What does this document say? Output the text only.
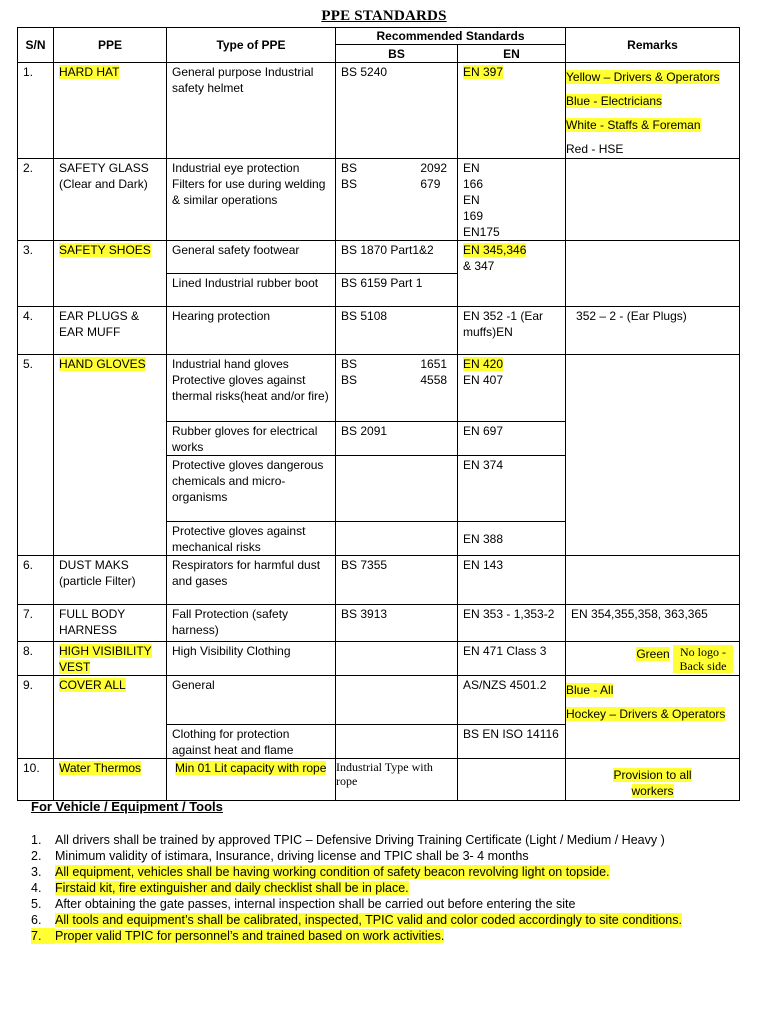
PPE STANDARDS
S/N	PPE	Type of PPE	Recommended Standards		Remarks
			BS	EN	
1.	HARD HAT	General purpose Industrial safety helmet	BS 5240	EN 397	Yellow – Drivers & Operators
Blue - Electricians
White - Staffs & Foreman
Red - HSE

2.	SAFETY GLASS (Clear and Dark)	Industrial eye protection Filters for use during welding & similar operations	BS 2092 BS 679	EN 166 EN 169 EN175	
3.	SAFETY SHOES	General safety footwear	BS 1870 Part1&2	EN 345,346
& 347	
		Lined Industrial rubber boot	BS 6159 Part 1		
4.	EAR PLUGS & EAR MUFF	Hearing protection	BS 5108	EN 352 -1 (Ear muffs)EN	352 – 2 - (Ear Plugs)
5.	HAND GLOVES	Industrial hand gloves Protective gloves against thermal risks(heat and/or fire)	BS 1651 BS 4558	EN 420
EN 407	
		Rubber gloves for electrical works	BS 2091	EN 697	
		Protective gloves dangerous chemicals and micro-organisms		EN 374	
		Protective gloves against mechanical risks		EN 388	
6.	DUST MAKS (particle Filter)	Respirators for harmful dust and gases	BS 7355	EN 143	
7.	FULL BODY HARNESS	Fall Protection (safety harness)	BS 3913	EN 353 - 1,353-2	EN 354,355,358, 363,365
8.	HIGH VISIBILITY VEST	High Visibility Clothing		EN 471 Class 3	Green No logo - Back side
9.	COVER ALL	General		AS/NZS 4501.2	Blue - All
Hockey – Drivers & Operators

		Clothing for protection against heat and flame		BS EN ISO 14116	
10.	Water Thermos	Min 01 Lit capacity with rope	Industrial Type with rope		Provision to all workers
For Vehicle / Equipment / Tools
1. All drivers shall be trained by approved TPIC – Defensive Driving Training Certificate (Light / Medium / Heavy )
2. Minimum validity of istimara, Insurance, driving license and TPIC shall be 3- 4 months
3. All equipment, vehicles shall be having working condition of safety beacon revolving light on topside.
4. Firstaid kit, fire extinguisher and daily checklist shall be in place.
5. After obtaining the gate passes, internal inspection shall be carried out before entering the site
6. All tools and equipment’s shall be calibrated, inspected, TPIC valid and color coded accordingly to site conditions.
7. Proper valid TPIC for personnel’s and trained based on work activities.
